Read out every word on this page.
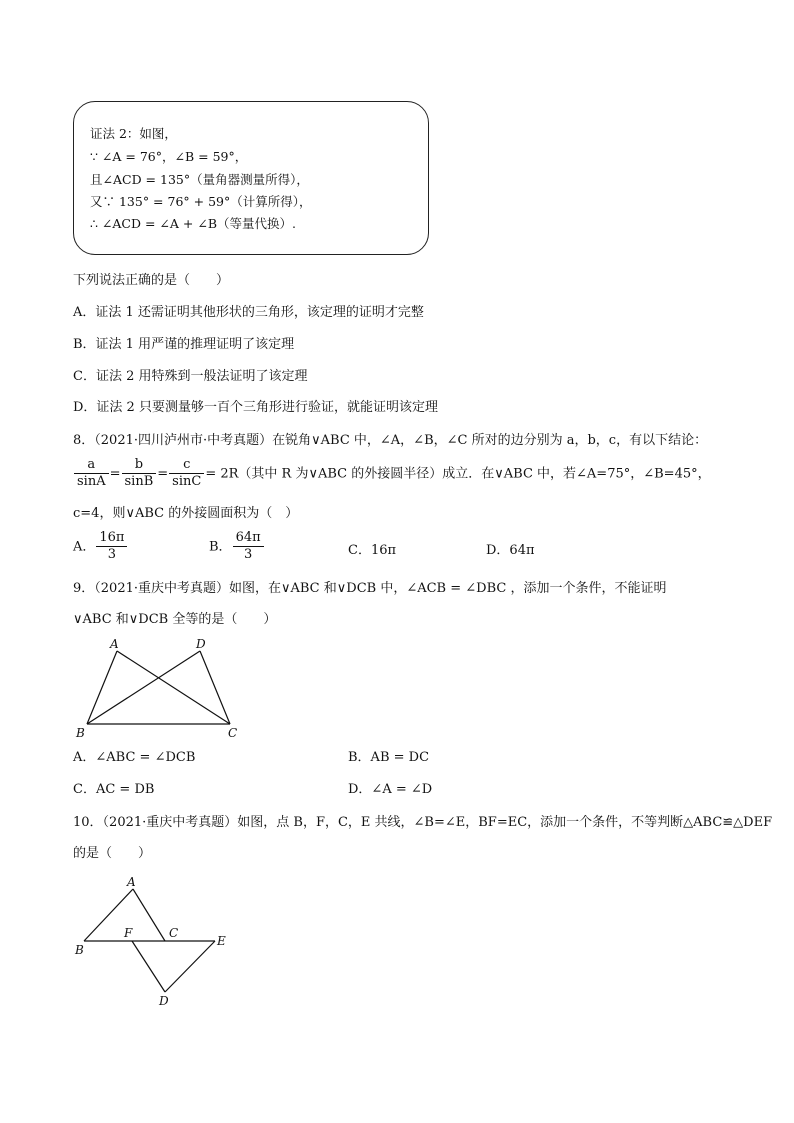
证法 2：如图，
∵ ∠A = 76°，∠B = 59°，
且∠ACD = 135°（量角器测量所得），
又∵ 135° = 76° + 59°（计算所得），
∴ ∠ACD = ∠A + ∠B（等量代换）.
下列说法正确的是（　　）
A．证法 1 还需证明其他形状的三角形，该定理的证明才完整
B．证法 1 用严谨的推理证明了该定理
C．证法 2 用特殊到一般法证明了该定理
D．证法 2 只要测量够一百个三角形进行验证，就能证明该定理
8．（2021·四川泸州市·中考真题）在锐角∨ABC 中，∠A，∠B，∠C 所对的边分别为 a，b，c，有以下结论：
$\frac{a}{\sin A} = \frac{b}{\sin B} = \frac{c}{\sin C} = 2R$（其中 R 为∨ABC 的外接圆半径）成立．在∨ABC 中，若∠A=75°，∠B=45°，
c=4，则∨ABC 的外接圆面积为（　）
A． $\frac{16\pi}{3}$	B． $\frac{64\pi}{3}$	C．16π	D．64π
9．（2021·重庆中考真题）如图，在∨ABC 和∨DCB 中，∠ACB = ∠DBC ，添加一个条件，不能证明
∨ABC 和∨DCB 全等的是（　　）
A	D
B	C
A．∠ABC = ∠DCB	B．AB = DC
C．AC = DB	D．∠A = ∠D
10．（2021·重庆中考真题）如图，点 B，F，C，E 共线，∠B=∠E，BF=EC，添加一个条件，不等判断△ABC≌△DEF
的是（　　）
A
B
F	C
E
D
